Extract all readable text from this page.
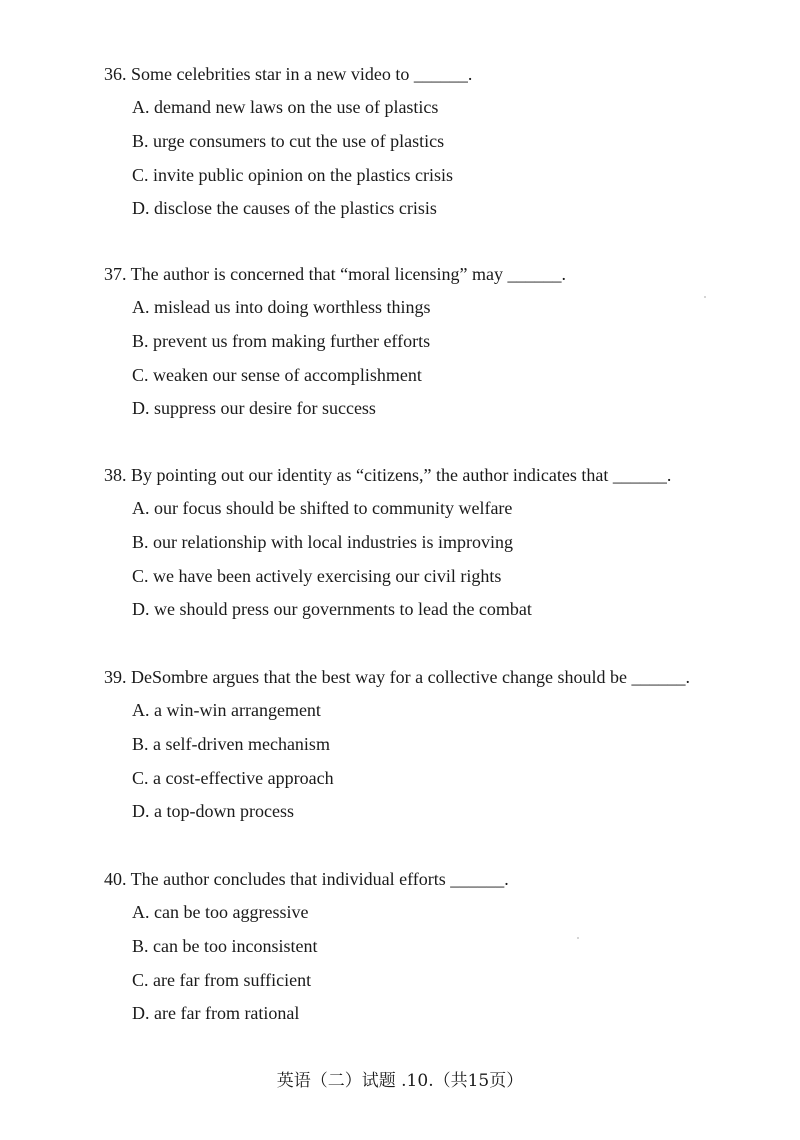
36. Some celebrities star in a new video to ______.
A. demand new laws on the use of plastics
B. urge consumers to cut the use of plastics
C. invite public opinion on the plastics crisis
D. disclose the causes of the plastics crisis
37. The author is concerned that “moral licensing” may ______.
A. mislead us into doing worthless things
B. prevent us from making further efforts
C. weaken our sense of accomplishment
D. suppress our desire for success
38. By pointing out our identity as “citizens,” the author indicates that ______.
A. our focus should be shifted to community welfare
B. our relationship with local industries is improving
C. we have been actively exercising our civil rights
D. we should press our governments to lead the combat
39. DeSombre argues that the best way for a collective change should be ______.
A. a win-win arrangement
B. a self-driven mechanism
C. a cost-effective approach
D. a top-down process
40. The author concludes that individual efforts ______.
A. can be too aggressive
B. can be too inconsistent
C. are far from sufficient
D. are far from rational
英语（二）试题 .10.（共15页）
